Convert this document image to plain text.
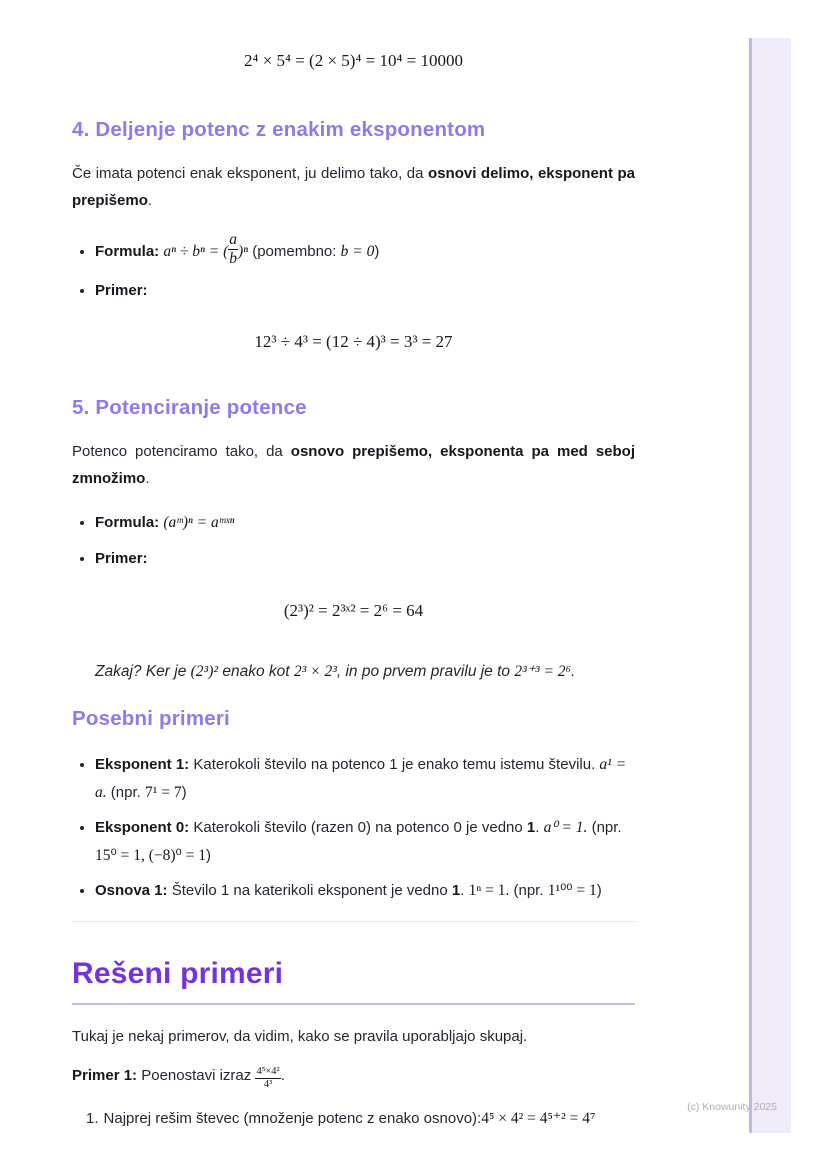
2⁴ × 5⁴ = (2 × 5)⁴ = 10⁴ = 10000
4. Deljenje potenc z enakim eksponentom

Če imata potenci enak eksponent, ju delimo tako, da osnovi delimo, eksponent pa prepišemo.

• Formula: aⁿ ÷ bⁿ = ( $\frac{a}{b} )^n$ (pomembno: b = 0)
• Primer:
12³ ÷ 4³ = (12 ÷ 4)³ = 3³ = 27
5. Potenciranje potence

Potenco potenciramo tako, da osnovo prepišemo, eksponenta pa med seboj zmnožimo.

• Formula: (aᵐ)ⁿ = aᵐˣⁿ
• Primer:
(2³)² = 2³ˣ² = 2⁶ = 64

Zakaj? Ker je (2³)² enako kot 2³ × 2³, in po prvem pravilu je to 2³⁺³ = 2⁶.

Posebni primeri
• Eksponent 1: Katerokoli število na potenco 1 je enako temu istemu številu. a¹ = a. (npr. 7¹ = 7)
• Eksponent 0: Katerokoli število (razen 0) na potenco 0 je vedno 1. a⁰ = 1. (npr. 15⁰ = 1, (−8)⁰ = 1)
• Osnova 1: Število 1 na katerikoli eksponent je vedno 1. 1ⁿ = 1. (npr. 1¹⁰⁰ = 1)
Rešeni primeri

Tukaj je nekaj primerov, da vidim, kako se pravila uporabljajo skupaj.

Primer 1: Poenostavi izraz $\frac{\text{4⁵×4²}}{\text{4³}}$ .

1. Najprej rešim števec (množenje potenc z enako osnovo):4⁵ × 4² = 4⁵⁺² = 4⁷
(c) Knowunity 2025
